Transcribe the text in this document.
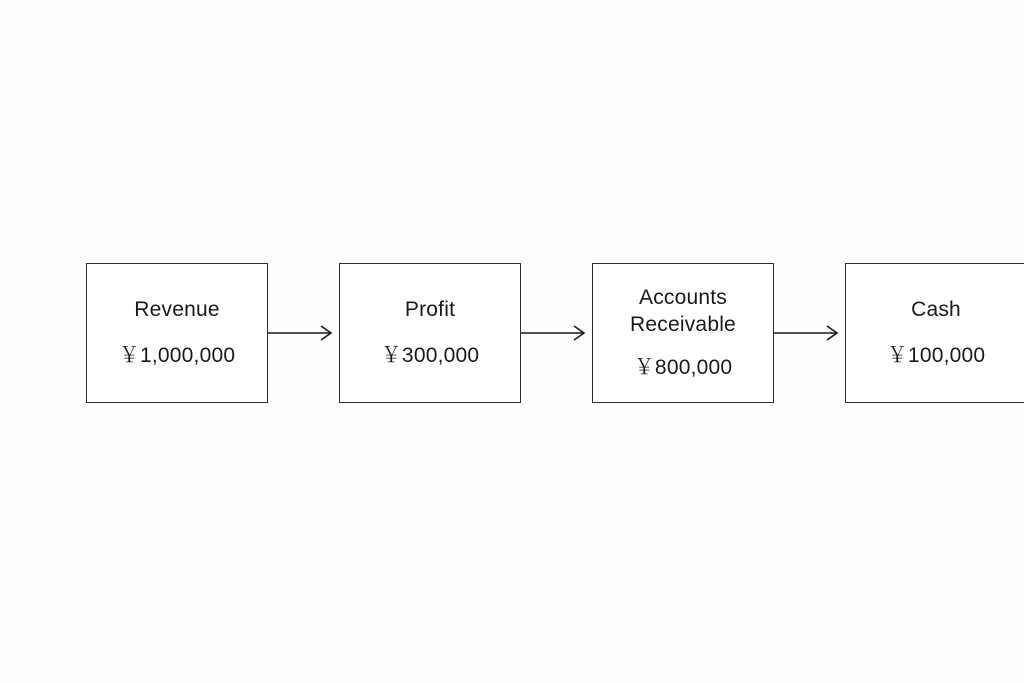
Revenue
￥1,000,000
Profit
￥300,000
Accounts
Receivable
￥800,000
Cash
￥100,000
